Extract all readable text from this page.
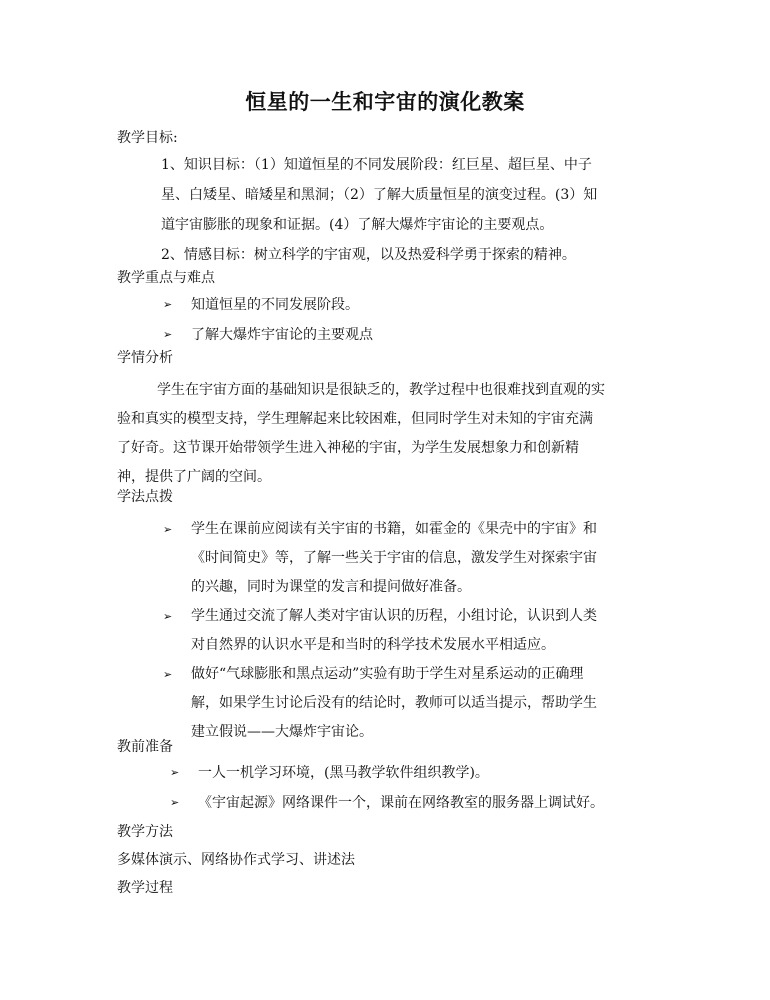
恒星的一生和宇宙的演化教案
教学目标:

1、知识目标：（1）知道恒星的不同发展阶段：红巨星、超巨星、中子

星、白矮星、暗矮星和黑洞；（2）了解大质量恒星的演变过程。(3）知

道宇宙膨胀的现象和证据。(4）了解大爆炸宇宙论的主要观点。

2、情感目标：树立科学的宇宙观，以及热爱科学勇于探索的精神。

教学重点与难点
➢ 知道恒星的不同发展阶段。
➢ 了解大爆炸宇宙论的主要观点
学情分析

学生在宇宙方面的基础知识是很缺乏的，教学过程中也很难找到直观的实

验和真实的模型支持，学生理解起来比较困难，但同时学生对未知的宇宙充满

了好奇。这节课开始带领学生进入神秘的宇宙，为学生发展想象力和创新精

神，提供了广阔的空间。

学法点拨
➢ 学生在课前应阅读有关宇宙的书籍，如霍金的《果壳中的宇宙》和
《时间简史》等，了解一些关于宇宙的信息，激发学生对探索宇宙
的兴趣，同时为课堂的发言和提问做好准备。
➢ 学生通过交流了解人类对宇宙认识的历程，小组讨论，认识到人类
对自然界的认识水平是和当时的科学技术发展水平相适应。
➢ 做好“气球膨胀和黑点运动”实验有助于学生对星系运动的正确理
解，如果学生讨论后没有的结论时，教师可以适当提示，帮助学生
建立假说——大爆炸宇宙论。
教前准备
➢ 一人一机学习环境，(黑马教学软件组织教学)。
➢ 《宇宙起源》网络课件一个，课前在网络教室的服务器上调试好。
教学方法
多媒体演示、网络协作式学习、讲述法
教学过程
